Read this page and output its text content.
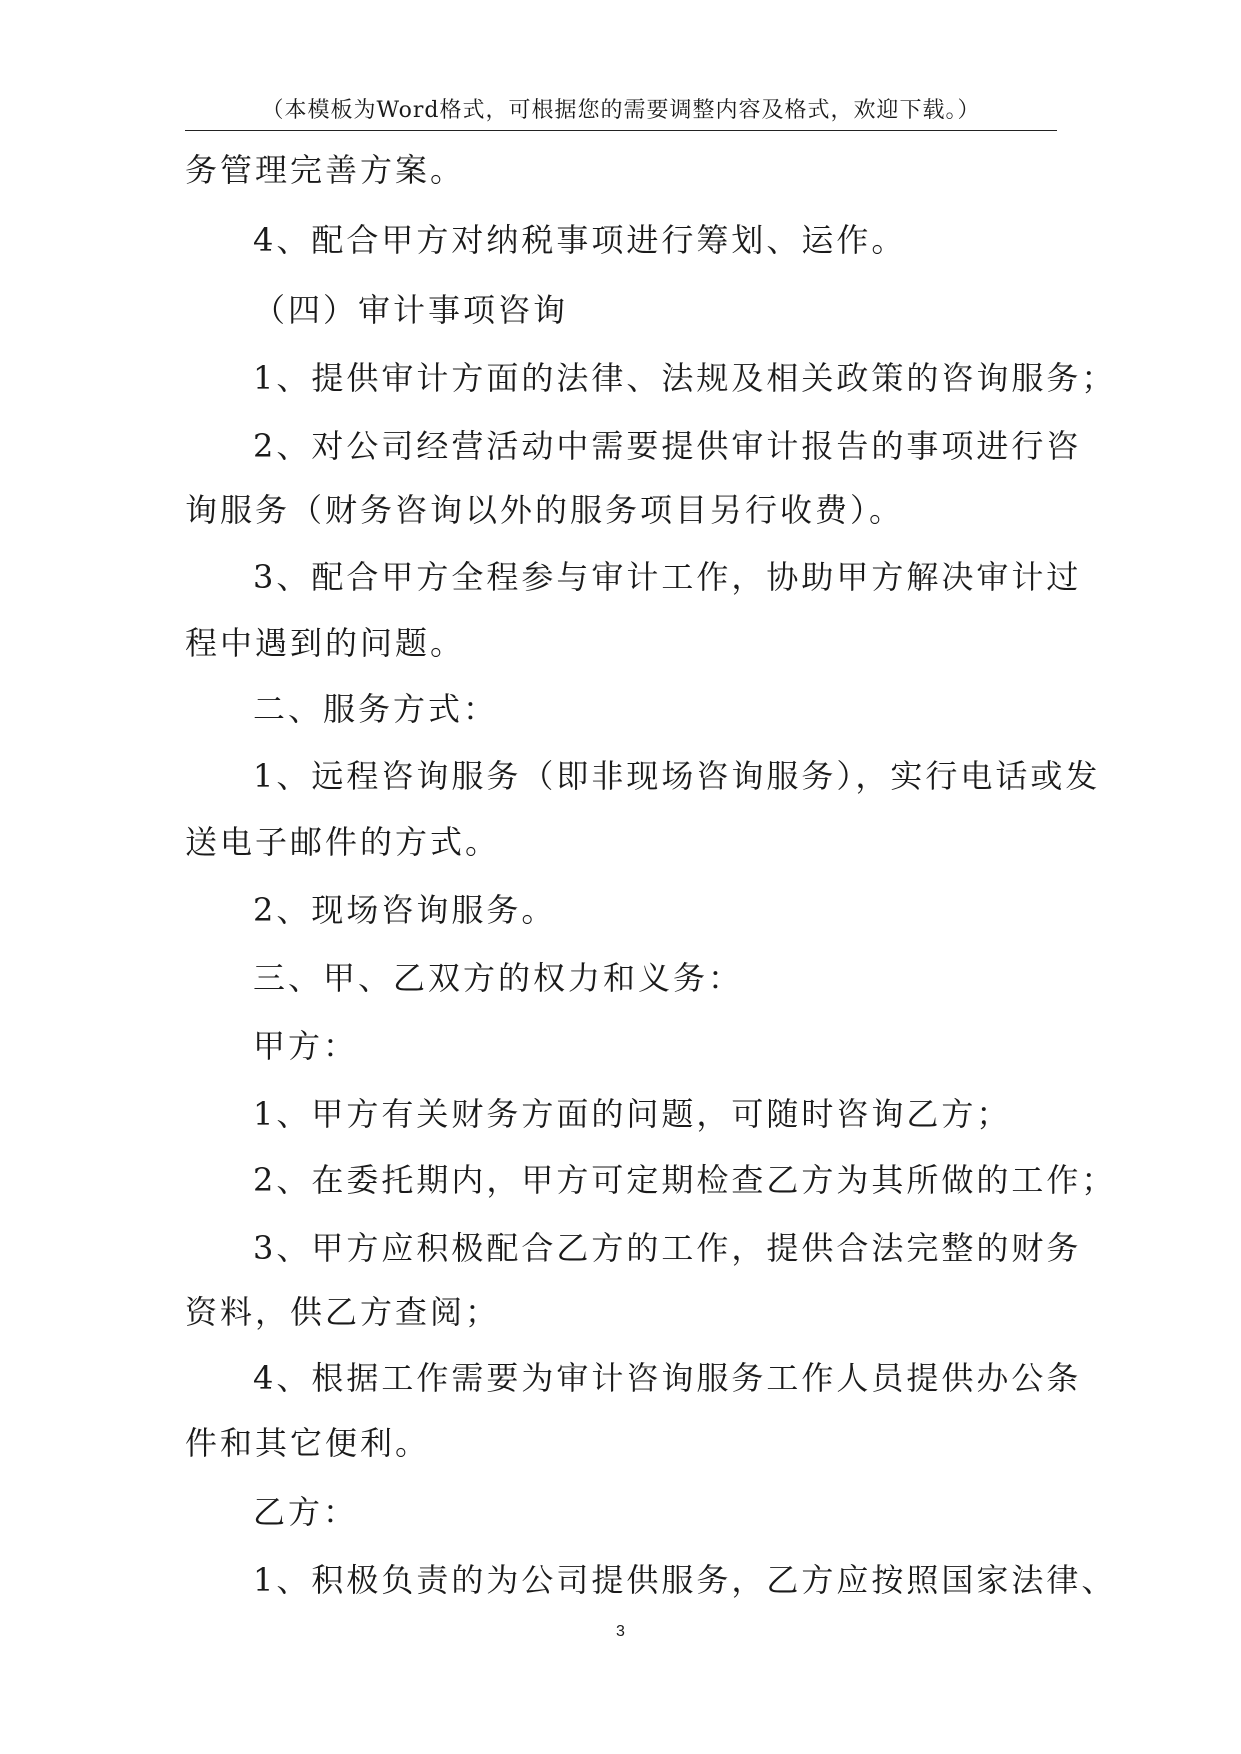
（本模板为Word格式，可根据您的需要调整内容及格式，欢迎下载。）
务管理完善方案。
4、配合甲方对纳税事项进行筹划、运作。
（四）审计事项咨询
1、提供审计方面的法律、法规及相关政策的咨询服务；
2、对公司经营活动中需要提供审计报告的事项进行咨
询服务（财务咨询以外的服务项目另行收费）。
3、配合甲方全程参与审计工作，协助甲方解决审计过
程中遇到的问题。
二、服务方式：
1、远程咨询服务（即非现场咨询服务），实行电话或发
送电子邮件的方式。
2、现场咨询服务。
三、甲、乙双方的权力和义务：
甲方：
1、甲方有关财务方面的问题，可随时咨询乙方；
2、在委托期内，甲方可定期检查乙方为其所做的工作；
3、甲方应积极配合乙方的工作，提供合法完整的财务
资料，供乙方查阅；
4、根据工作需要为审计咨询服务工作人员提供办公条
件和其它便利。
乙方：
1、积极负责的为公司提供服务，乙方应按照国家法律、
3
